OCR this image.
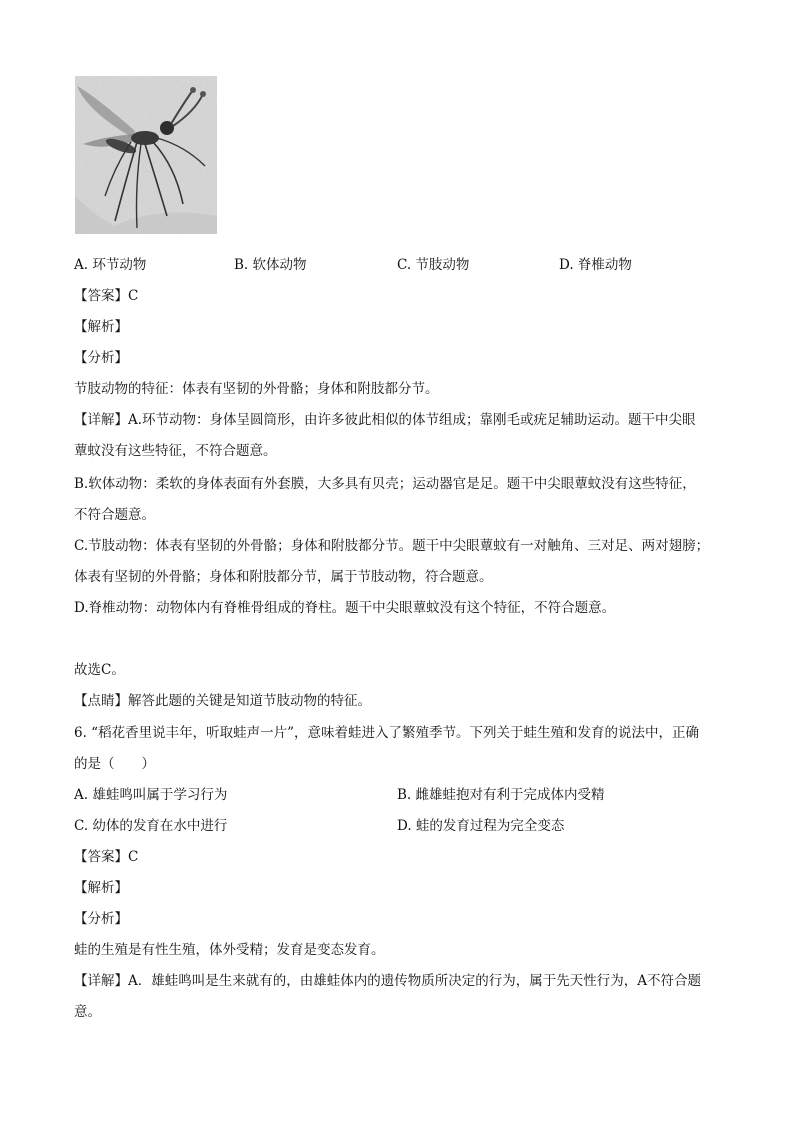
A. 环节动物	B. 软体动物	C. 节肢动物	D. 脊椎动物
【答案】C
【解析】
【分析】
节肢动物的特征：体表有坚韧的外骨骼；身体和附肢都分节。
【详解】A.环节动物：身体呈圆筒形，由许多彼此相似的体节组成；靠刚毛或疣足辅助运动。题干中尖眼
蕈蚊没有这些特征，不符合题意。
B.软体动物：柔软的身体表面有外套膜，大多具有贝壳；运动器官是足。题干中尖眼蕈蚊没有这些特征，
不符合题意。
C.节肢动物：体表有坚韧的外骨骼；身体和附肢都分节。题干中尖眼蕈蚊有一对触角、三对足、两对翅膀；
体表有坚韧的外骨骼；身体和附肢都分节，属于节肢动物，符合题意。
D.脊椎动物：动物体内有脊椎骨组成的脊柱。题干中尖眼蕈蚊没有这个特征，不符合题意。
故选C。
【点睛】解答此题的关键是知道节肢动物的特征。
6. “稻花香里说丰年，听取蛙声一片”，意味着蛙进入了繁殖季节。下列关于蛙生殖和发育的说法中，正确
的是（　　）
A. 雄蛙鸣叫属于学习行为	B. 雌雄蛙抱对有利于完成体内受精
C. 幼体的发育在水中进行	D. 蛙的发育过程为完全变态
【答案】C
【解析】
【分析】
蛙的生殖是有性生殖，体外受精；发育是变态发育。
【详解】A．雄蛙鸣叫是生来就有的，由雄蛙体内的遗传物质所决定的行为，属于先天性行为，A不符合题
意。
